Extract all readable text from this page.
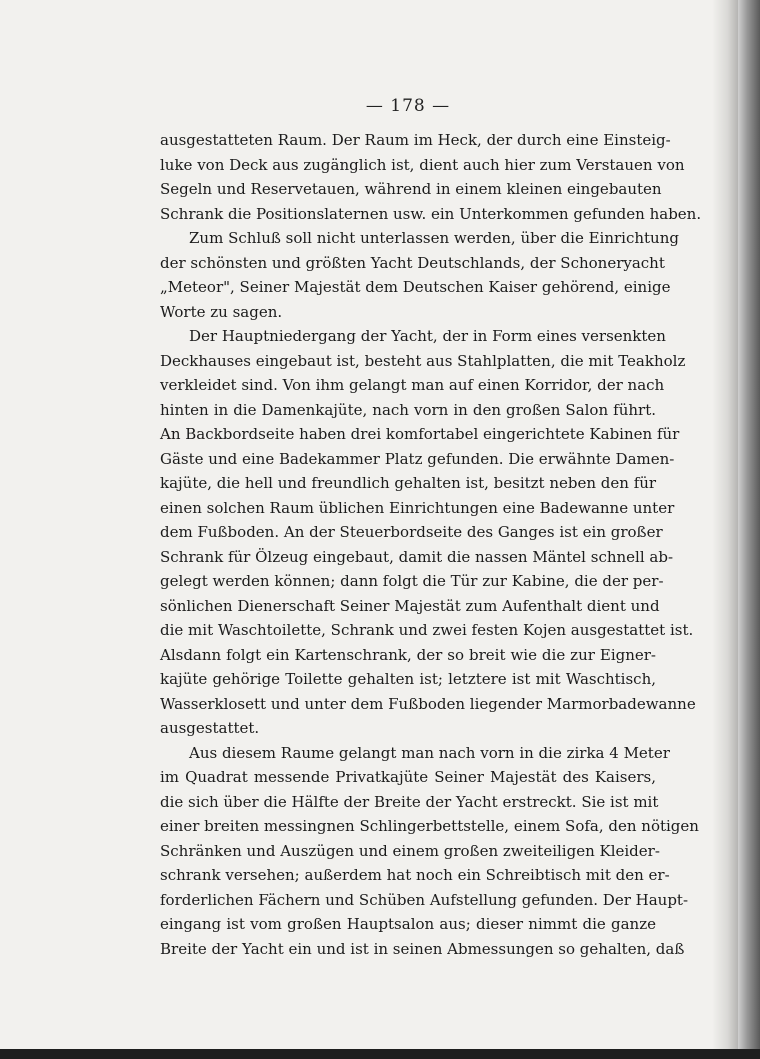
— 178 —
ausgestatteten Raum. Der Raum im Heck, der durch eine Einsteig-
luke von Deck aus zugänglich ist, dient auch hier zum Verstauen von
Segeln und Reservetauen, während in einem kleinen eingebauten
Schrank die Positionslaternen usw. ein Unterkommen gefunden haben.
Zum Schluß soll nicht unterlassen werden, über die Einrichtung
der schönsten und größten Yacht Deutschlands, der Schoneryacht
„Meteor", Seiner Majestät dem Deutschen Kaiser gehörend, einige
Worte zu sagen.
Der Hauptniedergang der Yacht, der in Form eines versenkten
Deckhauses eingebaut ist, besteht aus Stahlplatten, die mit Teakholz
verkleidet sind. Von ihm gelangt man auf einen Korridor, der nach
hinten in die Damenkajüte, nach vorn in den großen Salon führt.
An Backbordseite haben drei komfortabel eingerichtete Kabinen für
Gäste und eine Badekammer Platz gefunden. Die erwähnte Damen-
kajüte, die hell und freundlich gehalten ist, besitzt neben den für
einen solchen Raum üblichen Einrichtungen eine Badewanne unter
dem Fußboden. An der Steuerbordseite des Ganges ist ein großer
Schrank für Ölzeug eingebaut, damit die nassen Mäntel schnell ab-
gelegt werden können; dann folgt die Tür zur Kabine, die der per-
sönlichen Dienerschaft Seiner Majestät zum Aufenthalt dient und
die mit Waschtoilette, Schrank und zwei festen Kojen ausgestattet ist.
Alsdann folgt ein Kartenschrank, der so breit wie die zur Eigner-
kajüte gehörige Toilette gehalten ist; letztere ist mit Waschtisch,
Wasserklosett und unter dem Fußboden liegender Marmorbadewanne
ausgestattet.
Aus diesem Raume gelangt man nach vorn in die zirka 4 Meter
im Quadrat messende Privatkajüte Seiner Majestät des Kaisers,
die sich über die Hälfte der Breite der Yacht erstreckt. Sie ist mit
einer breiten messingnen Schlingerbettstelle, einem Sofa, den nötigen
Schränken und Auszügen und einem großen zweiteiligen Kleider-
schrank versehen; außerdem hat noch ein Schreibtisch mit den er-
forderlichen Fächern und Schüben Aufstellung gefunden. Der Haupt-
eingang ist vom großen Hauptsalon aus; dieser nimmt die ganze
Breite der Yacht ein und ist in seinen Abmessungen so gehalten, daß
